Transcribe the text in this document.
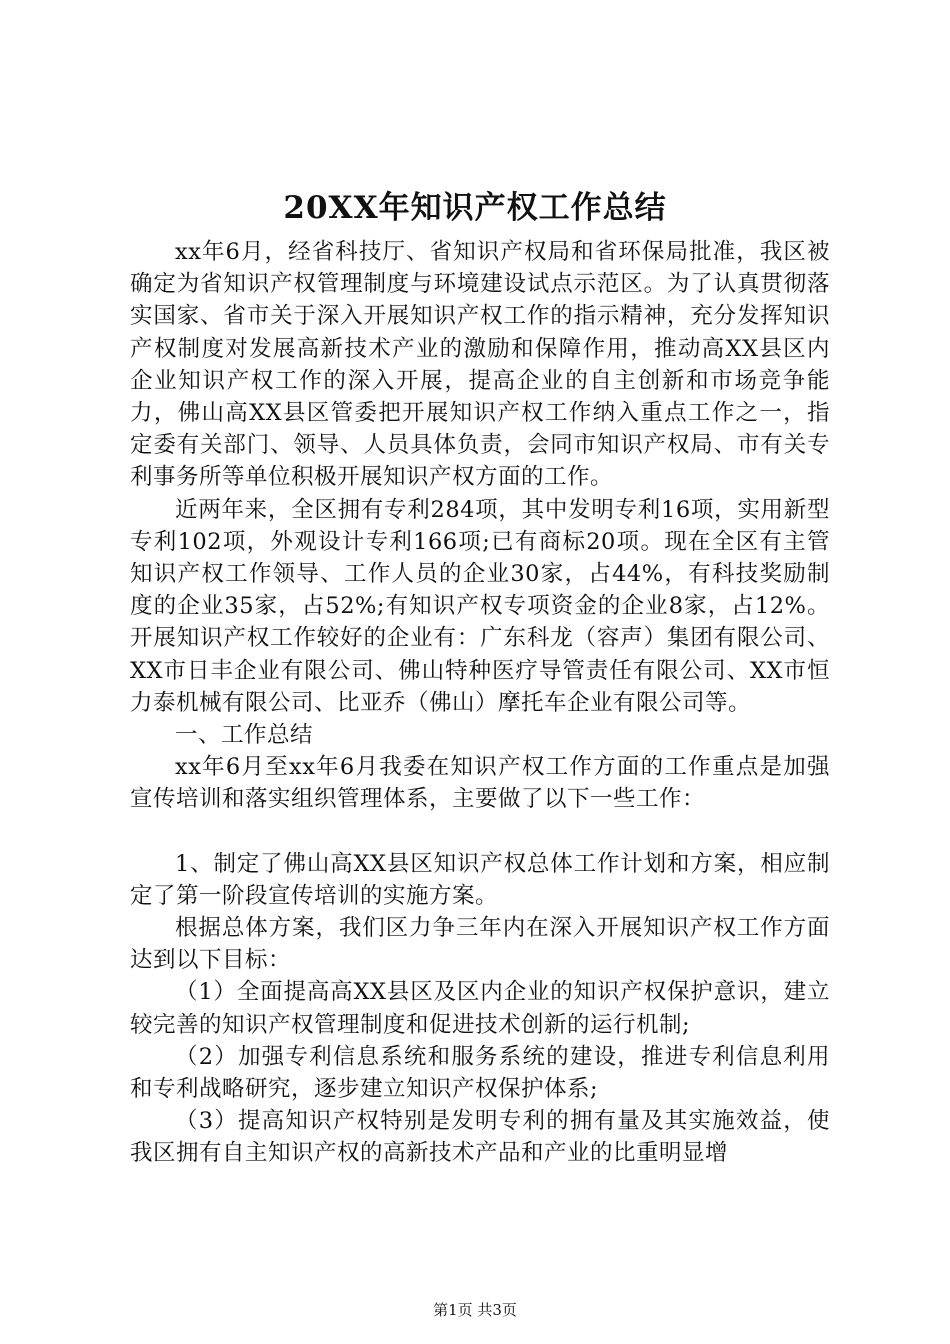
20XX年知识产权工作总结

xx年6月，经省科技厅、省知识产权局和省环保局批准，我区被确定为省知识产权管理制度与环境建设试点示范区。为了认真贯彻落实国家、省市关于深入开展知识产权工作的指示精神，充分发挥知识产权制度对发展高新技术产业的激励和保障作用，推动高XX县区内企业知识产权工作的深入开展，提高企业的自主创新和市场竞争能力，佛山高XX县区管委把开展知识产权工作纳入重点工作之一，指定委有关部门、领导、人员具体负责，会同市知识产权局、市有关专利事务所等单位积极开展知识产权方面的工作。

近两年来，全区拥有专利284项，其中发明专利16项，实用新型专利102项，外观设计专利166项;已有商标20项。现在全区有主管知识产权工作领导、工作人员的企业30家，占44%，有科技奖励制度的企业35家，占52%;有知识产权专项资金的企业8家，占12%。开展知识产权工作较好的企业有：广东科龙（容声）集团有限公司、XX市日丰企业有限公司、佛山特种医疗导管责任有限公司、XX市恒力泰机械有限公司、比亚乔（佛山）摩托车企业有限公司等。

一、工作总结

xx年6月至xx年6月我委在知识产权工作方面的工作重点是加强宣传培训和落实组织管理体系，主要做了以下一些工作：

1、制定了佛山高XX县区知识产权总体工作计划和方案，相应制定了第一阶段宣传培训的实施方案。

根据总体方案，我们区力争三年内在深入开展知识产权工作方面达到以下目标：

（1）全面提高高XX县区及区内企业的知识产权保护意识，建立较完善的知识产权管理制度和促进技术创新的运行机制;

（2）加强专利信息系统和服务系统的建设，推进专利信息利用和专利战略研究，逐步建立知识产权保护体系;

（3）提高知识产权特别是发明专利的拥有量及其实施效益，使我区拥有自主知识产权的高新技术产品和产业的比重明显增

第1页 共3页
